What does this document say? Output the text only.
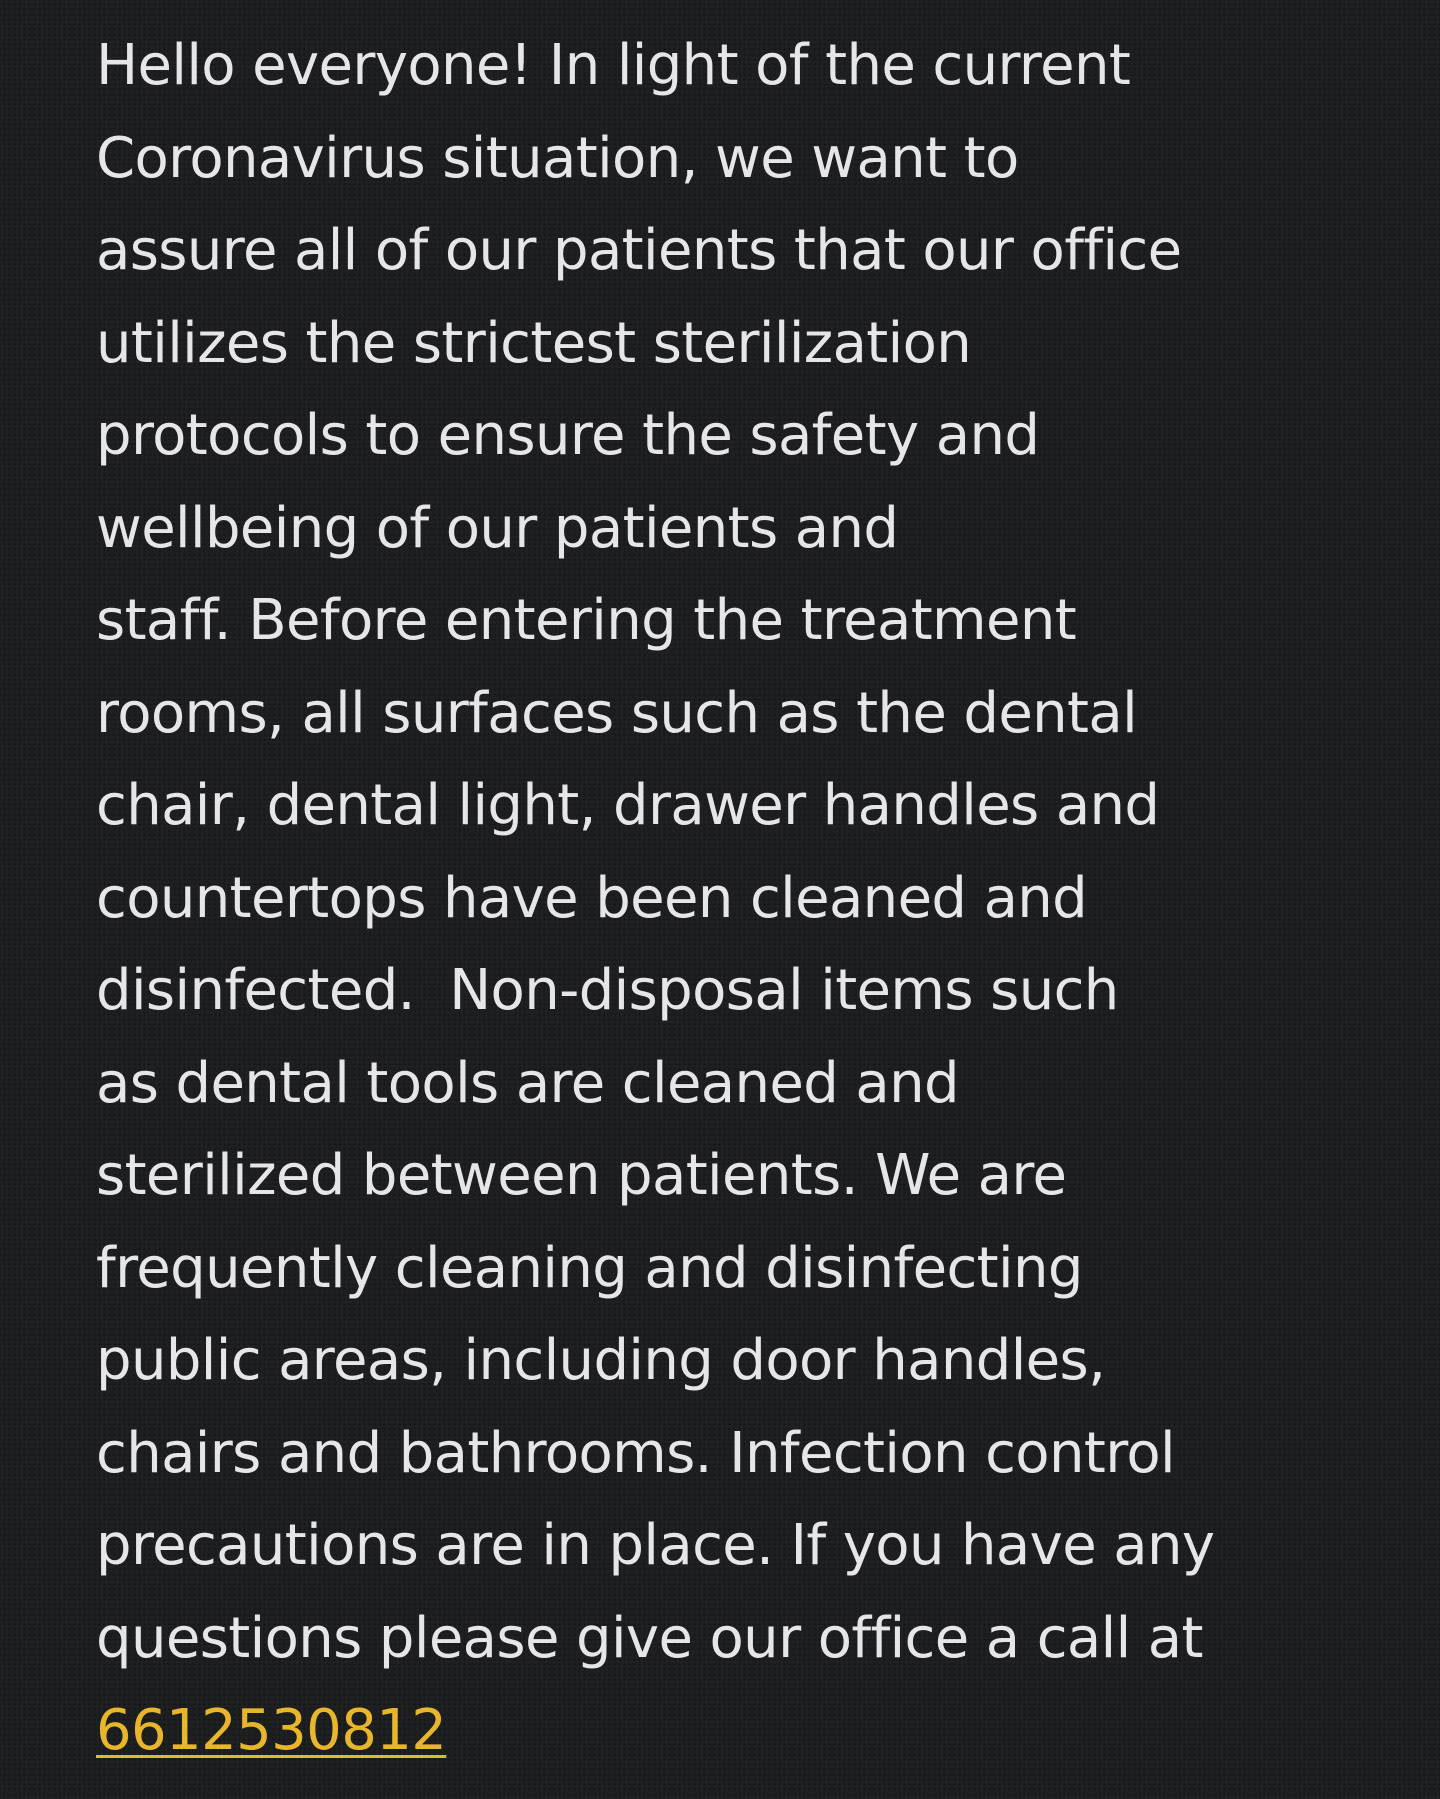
Hello everyone! In light of the current
Coronavirus situation, we want to
assure all of our patients that our office
utilizes the strictest sterilization
protocols to ensure the safety and
wellbeing of our patients and
staff. Before entering the treatment
rooms, all surfaces such as the dental
chair, dental light, drawer handles and
countertops have been cleaned and
disinfected.  Non-disposal items such
as dental tools are cleaned and
sterilized between patients. We are
frequently cleaning and disinfecting
public areas, including door handles,
chairs and bathrooms. Infection control
precautions are in place. If you have any
questions please give our office a call at
6612530812
